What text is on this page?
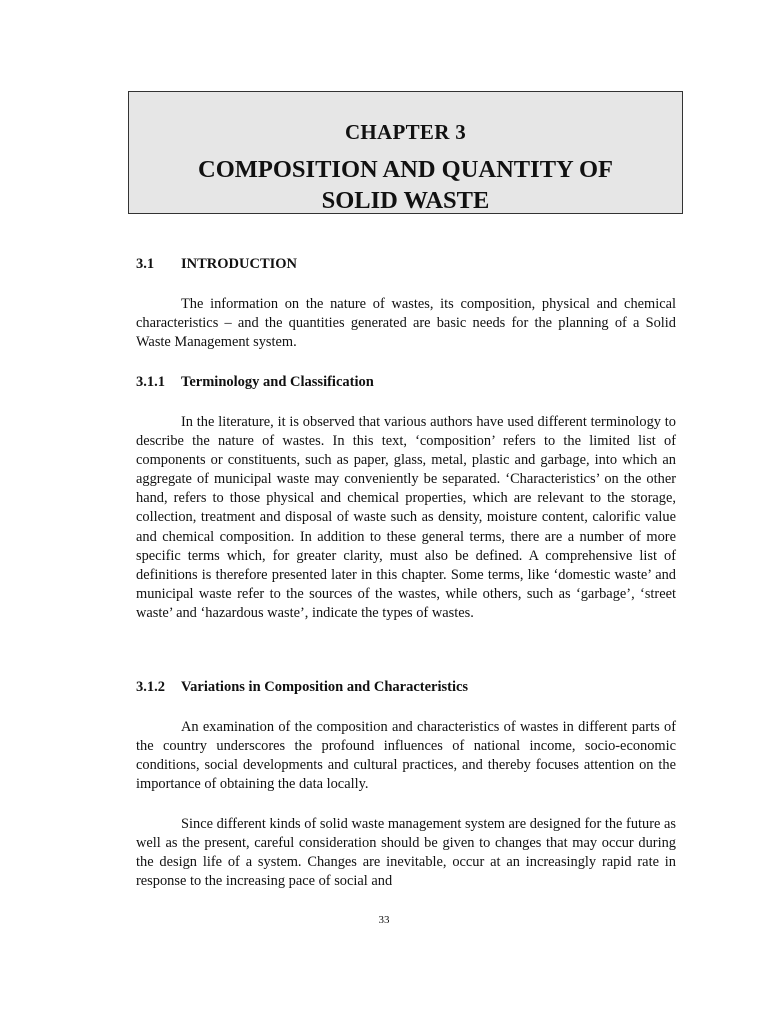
CHAPTER 3
COMPOSITION AND QUANTITY OF
SOLID WASTE
3.1 INTRODUCTION

The information on the nature of wastes, its composition, physical and chemical characteristics – and the quantities generated are basic needs for the planning of a Solid Waste Management system.

3.1.1 Terminology and Classification

In the literature, it is observed that various authors have used different terminology to describe the nature of wastes. In this text, ‘composition’ refers to the limited list of components or constituents, such as paper, glass, metal, plastic and garbage, into which an aggregate of municipal waste may conveniently be separated. ‘Characteristics’ on the other hand, refers to those physical and chemical properties, which are relevant to the storage, collection, treatment and disposal of waste such as density, moisture content, calorific value and chemical composition. In addition to these general terms, there are a number of more specific terms which, for greater clarity, must also be defined. A comprehensive list of definitions is therefore presented later in this chapter. Some terms, like ‘domestic waste’ and municipal waste refer to the sources of the wastes, while others, such as ‘garbage’, ‘street waste’ and ‘hazardous waste’, indicate the types of wastes.

3.1.2 Variations in Composition and Characteristics

An examination of the composition and characteristics of wastes in different parts of the country underscores the profound influences of national income, socio-economic conditions, social developments and cultural practices, and thereby focuses attention on the importance of obtaining the data locally.

Since different kinds of solid waste management system are designed for the future as well as the present, careful consideration should be given to changes that may occur during the design life of a system. Changes are inevitable, occur at an increasingly rapid rate in response to the increasing pace of social and

33
